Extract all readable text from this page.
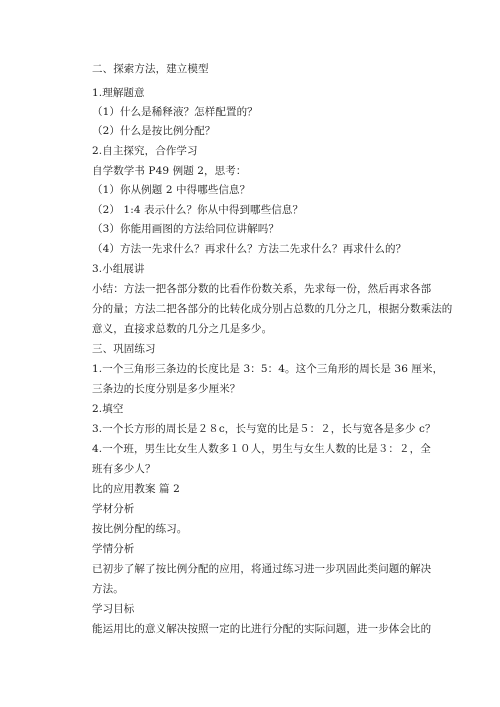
二、探索方法，建立模型
1.理解题意
（1）什么是稀释液？怎样配置的？
（2）什么是按比例分配？
2.自主探究，合作学习
自学数学书 P49 例题 2，思考：
（1）你从例题 2 中得哪些信息？
（2） 1:4 表示什么？你从中得到哪些信息？
（3）你能用画图的方法给同位讲解吗？
（4）方法一先求什么？再求什么？方法二先求什么？再求什么的？
3.小组展讲
小结：方法一把各部分数的比看作份数关系，先求每一份，然后再求各部
分的量；方法二把各部分的比转化成分别占总数的几分之几，根据分数乘法的
意义，直接求总数的几分之几是多少。
三、巩固练习
1.一个三角形三条边的长度比是 3：5：4。这个三角形的周长是 36 厘米，
三条边的长度分别是多少厘米？
2.填空
3.一个长方形的周长是２８c，长与宽的比是５：２，长与宽各是多少 c？
4.一个班，男生比女生人数多１０人，男生与女生人数的比是３：２，全
班有多少人？
比的应用教案 篇 2
学材分析
按比例分配的练习。
学情分析
已初步了解了按比例分配的应用，将通过练习进一步巩固此类问题的解决
方法。
学习目标
能运用比的意义解决按照一定的比进行分配的实际问题，进一步体会比的
